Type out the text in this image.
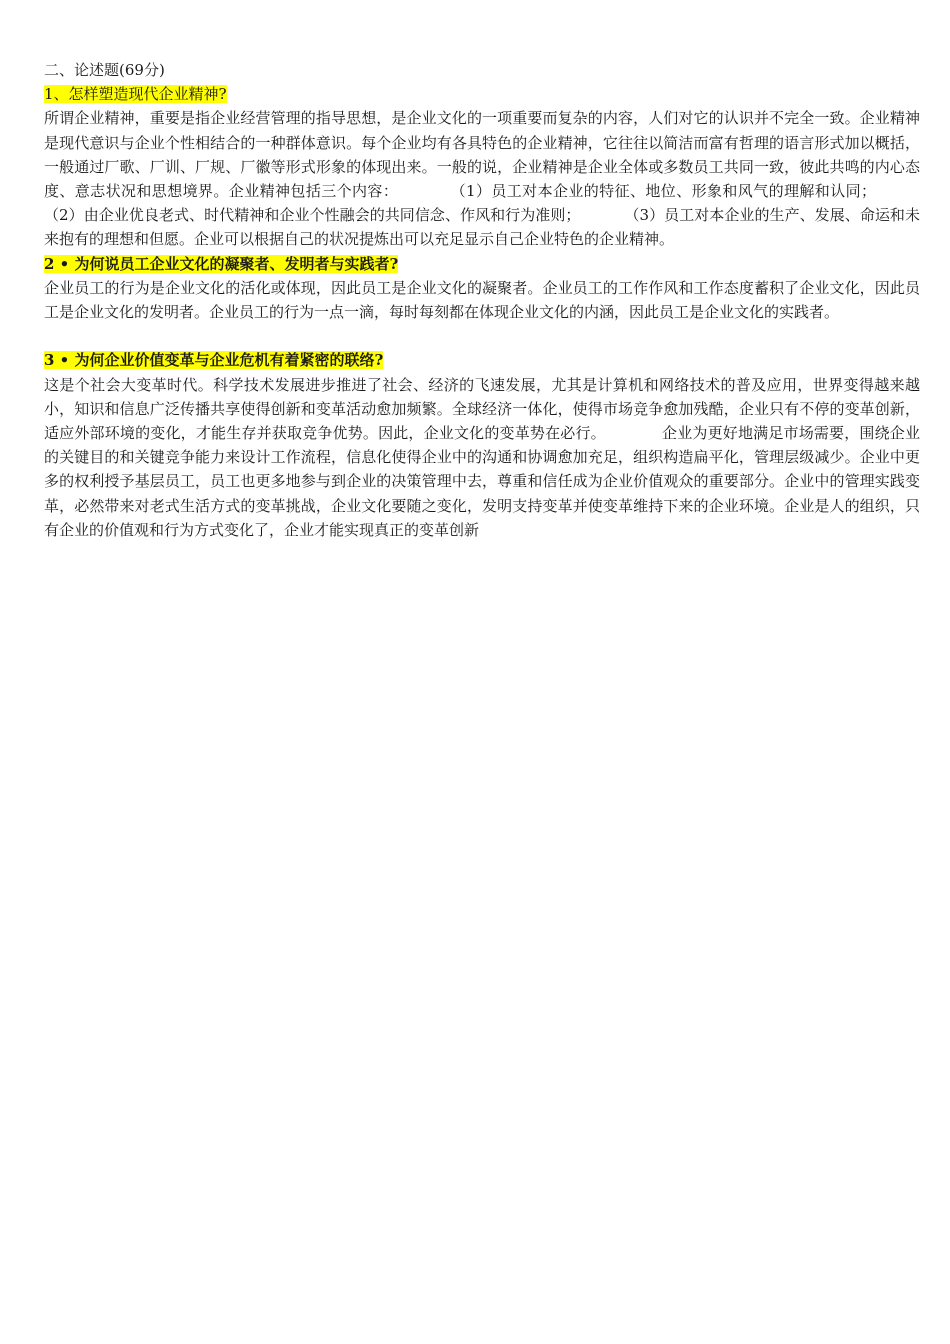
二、论述题(69分)

1、怎样塑造现代企业精神?

所谓企业精神，重要是指企业经营管理的指导思想，是企业文化的一项重要而复杂的内容，人们对它的认识并不完全一致。企业精神是现代意识与企业个性相结合的一种群体意识。每个企业均有各具特色的企业精神，它往往以简洁而富有哲理的语言形式加以概括，一般通过厂歌、厂训、厂规、厂徽等形式形象的体现出来。一般的说，企业精神是企业全体或多数员工共同一致，彼此共鸣的内心态度、意志状况和思想境界。企业精神包括三个内容：	（1）员工对本企业的特征、地位、形象和风气的理解和认同；（2）由企业优良老式、时代精神和企业个性融会的共同信念、作风和行为准则；	（3）员工对本企业的生产、发展、命运和未来抱有的理想和但愿。企业可以根据自己的状况提炼出可以充足显示自己企业特色的企业精神。

2 • 为何说员工企业文化的凝聚者、发明者与实践者?

企业员工的行为是企业文化的活化或体现，因此员工是企业文化的凝聚者。企业员工的工作作风和工作态度蓄积了企业文化，因此员工是企业文化的发明者。企业员工的行为一点一滴，每时每刻都在体现企业文化的内涵，因此员工是企业文化的实践者。

3 • 为何企业价值变革与企业危机有着紧密的联络?

这是个社会大变革时代。科学技术发展进步推进了社会、经济的飞速发展，尤其是计算机和网络技术的普及应用，世界变得越来越小，知识和信息广泛传播共享使得创新和变革活动愈加频繁。全球经济一体化，使得市场竞争愈加残酷，企业只有不停的变革创新，适应外部环境的变化，才能生存并获取竞争优势。因此，企业文化的变革势在必行。	企业为更好地满足市场需要，围绕企业的关键目的和关键竞争能力来设计工作流程，信息化使得企业中的沟通和协调愈加充足，组织构造扁平化，管理层级减少。企业中更多的权利授予基层员工，员工也更多地参与到企业的决策管理中去，尊重和信任成为企业价值观众的重要部分。企业中的管理实践变革，必然带来对老式生活方式的变革挑战，企业文化要随之变化，发明支持变革并使变革维持下来的企业环境。企业是人的组织，只有企业的价值观和行为方式变化了，企业才能实现真正的变革创新
